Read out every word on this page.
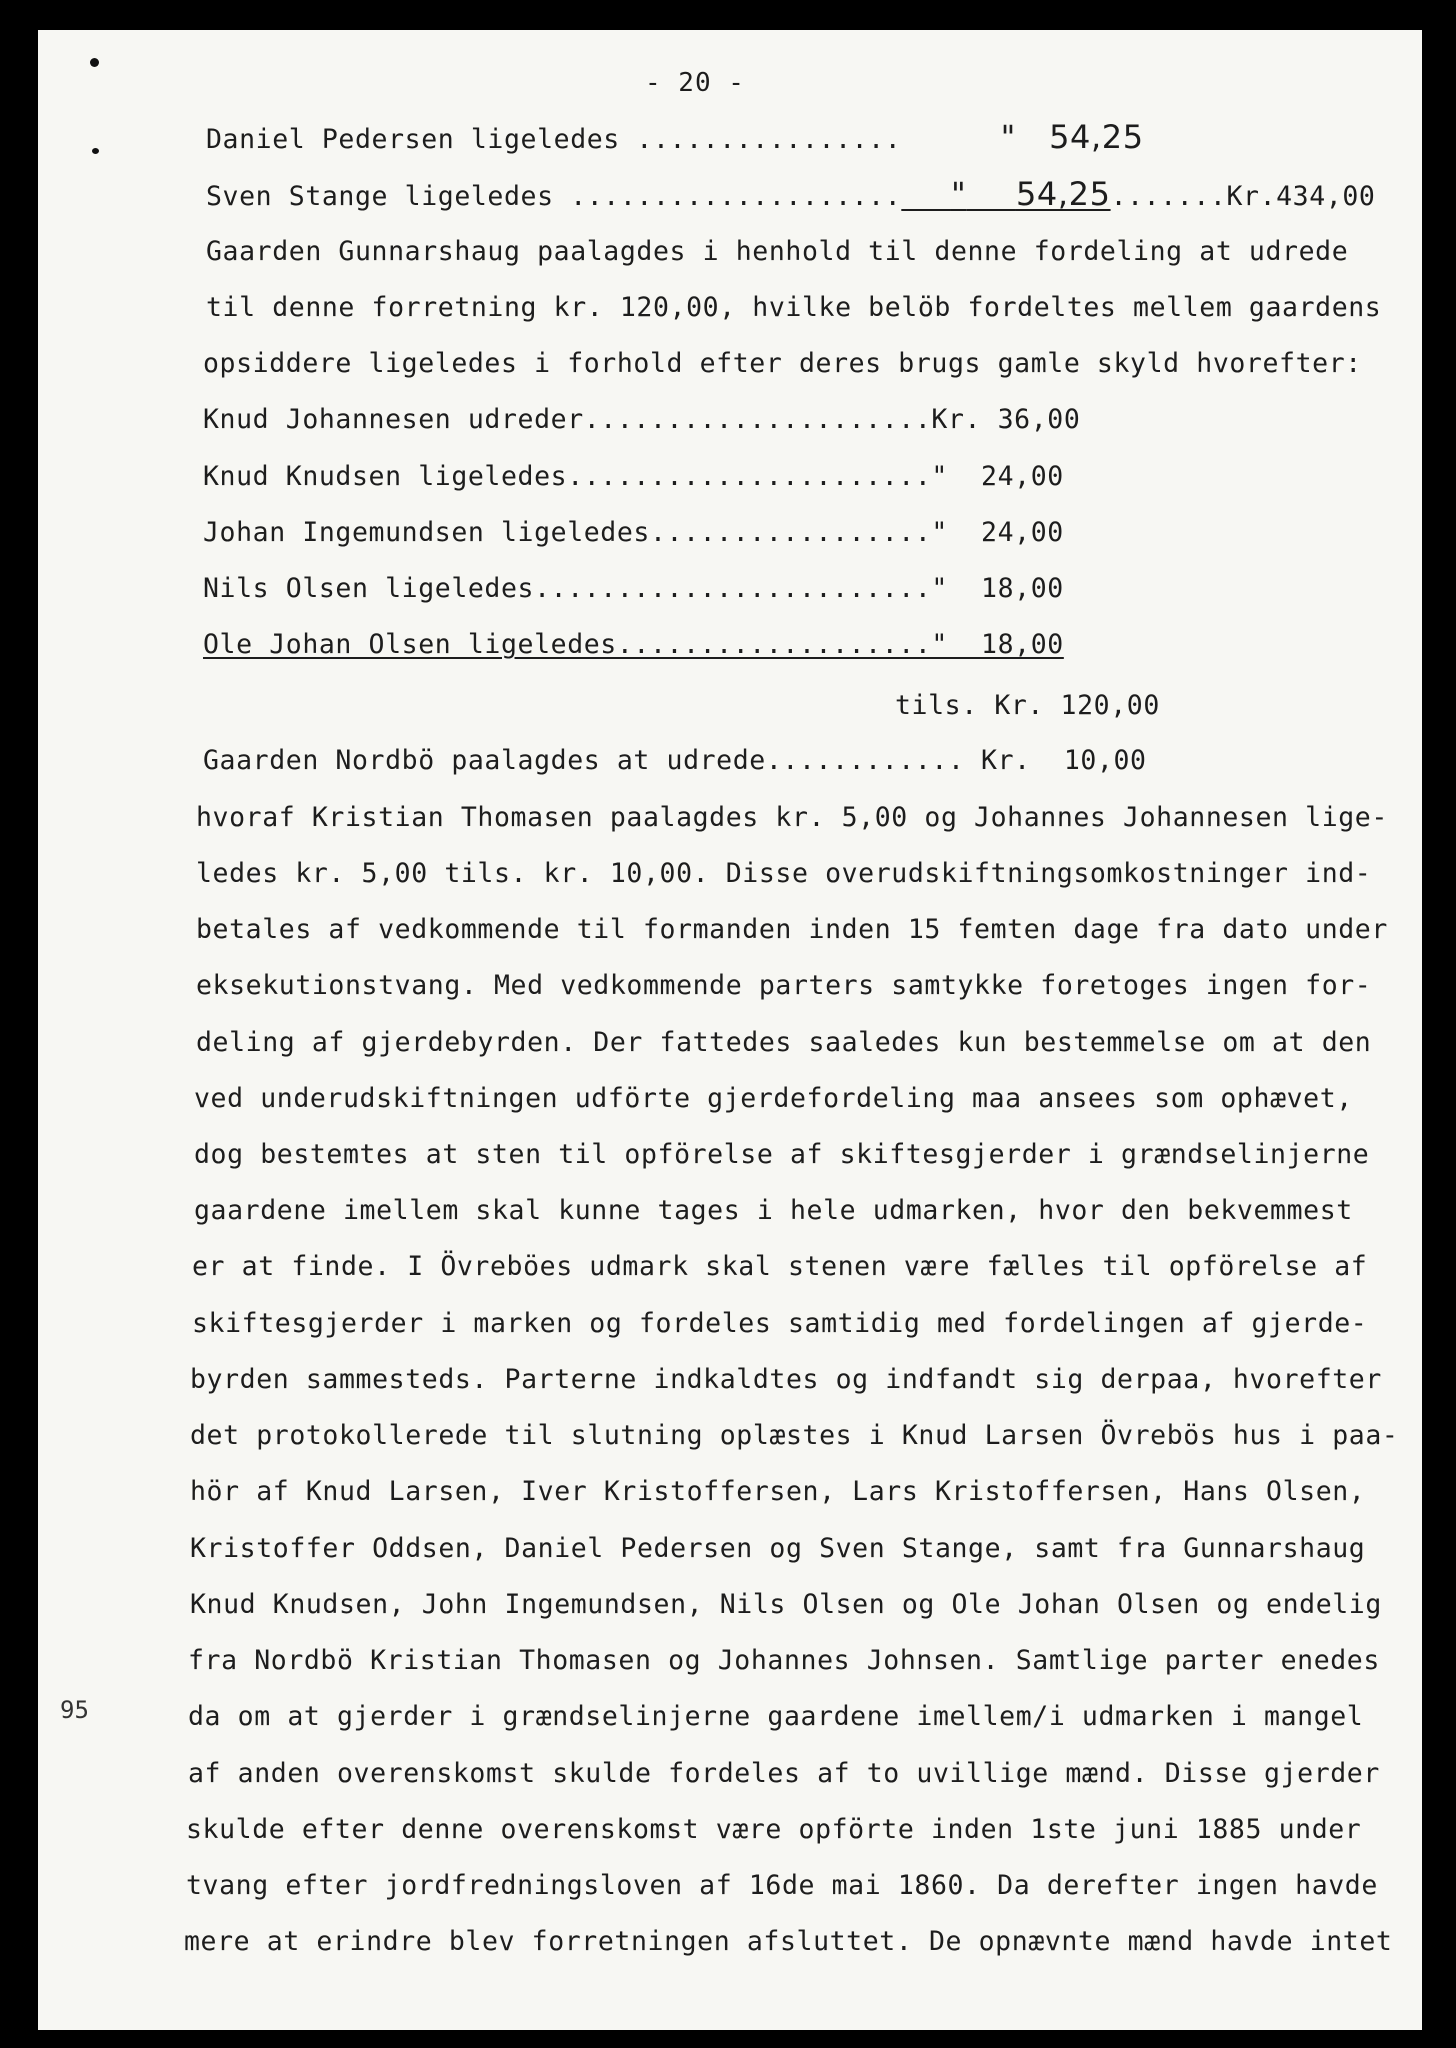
- 20 -
Daniel Pedersen ligeledes ................	" 54,25
Sven Stange ligeledes .................... " 54,25.......Kr.434,00
Gaarden Gunnarshaug paalagdes i henhold til denne fordeling at udrede
til denne forretning kr. 120,00, hvilke belöb fordeltes mellem gaardens
opsiddere ligeledes i forhold efter deres brugs gamle skyld hvorefter:
Knud Johannesen udreder.....................Kr. 36,00
Knud Knudsen ligeledes......................"  24,00
Johan Ingemundsen ligeledes................."  24,00
Nils Olsen ligeledes........................"  18,00
Ole Johan Olsen ligeledes..................."  18,00
tils. Kr. 120,00
Gaarden Nordbö paalagdes at udrede............ Kr.  10,00
hvoraf Kristian Thomasen paalagdes kr. 5,00 og Johannes Johannesen lige-
ledes kr. 5,00 tils. kr. 10,00. Disse overudskiftningsomkostninger ind-
betales af vedkommende til formanden inden 15 femten dage fra dato under
eksekutionstvang. Med vedkommende parters samtykke foretoges ingen for-
deling af gjerdebyrden. Der fattedes saaledes kun bestemmelse om at den
ved underudskiftningen udförte gjerdefordeling maa ansees som ophævet,
dog bestemtes at sten til opförelse af skiftesgjerder i grændselinjerne
gaardene imellem skal kunne tages i hele udmarken, hvor den bekvemmest
er at finde. I Övreböes udmark skal stenen være fælles til opförelse af
skiftesgjerder i marken og fordeles samtidig med fordelingen af gjerde-
byrden sammesteds. Parterne indkaldtes og indfandt sig derpaa, hvorefter
det protokollerede til slutning oplæstes i Knud Larsen Övrebös hus i paa-
hör af Knud Larsen, Iver Kristoffersen, Lars Kristoffersen, Hans Olsen,
Kristoffer Oddsen, Daniel Pedersen og Sven Stange, samt fra Gunnarshaug
Knud Knudsen, John Ingemundsen, Nils Olsen og Ole Johan Olsen og endelig
fra Nordbö Kristian Thomasen og Johannes Johnsen. Samtlige parter enedes
da om at gjerder i grændselinjerne gaardene imellem/i udmarken i mangel
af anden overenskomst skulde fordeles af to uvillige mænd. Disse gjerder
skulde efter denne overenskomst være opförte inden 1ste juni 1885 under
tvang efter jordfredningsloven af 16de mai 1860. Da derefter ingen havde
mere at erindre blev forretningen afsluttet. De opnævnte mænd havde intet
95
